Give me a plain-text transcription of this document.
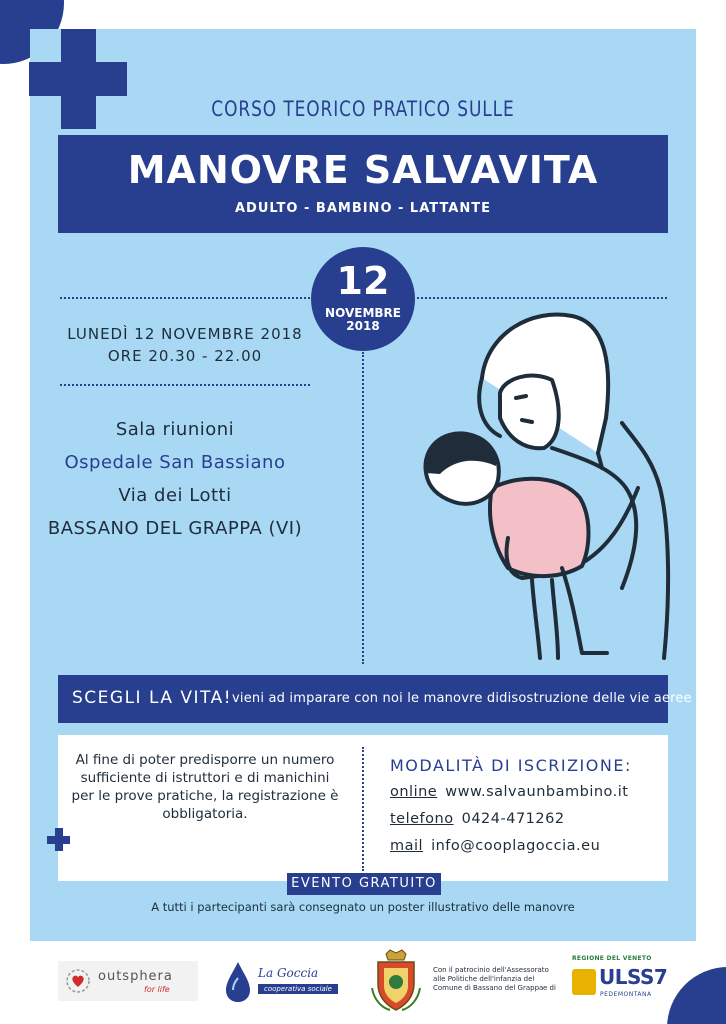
CORSO TEORICO PRATICO SULLE
MANOVRE SALVAVITA
ADULTO - BAMBINO - LATTANTE
12
NOVEMBRE
2018
LUNEDÌ 12 NOVEMBRE 2018
ORE 20.30 - 22.00
Sala riunioni
Ospedale San Bassiano
Via dei Lotti
BASSANO DEL GRAPPA (VI)
SCEGLI LA VITA! vieni ad imparare con noi le manovre didisostruzione delle vie aeree
Al fine di poter predisporre un numero sufficiente di istruttori e di manichini per le prove pratiche, la registrazione è obbligatoria.
MODALITÀ DI ISCRIZIONE:
online www.salvaunbambino.it
telefono 0424-471262
mail info@cooplagoccia.eu
EVENTO GRATUITO
A tutti i partecipanti sarà consegnato un poster illustrativo delle manovre
outsphera
for life
La Goccia
cooperativa sociale
Con il patrocinio dell'Assessorato alle Politiche dell'infanzia del Comune di Bassano del Grappa e di
REGIONE DEL VENETO
ULSS7
PEDEMONTANA
